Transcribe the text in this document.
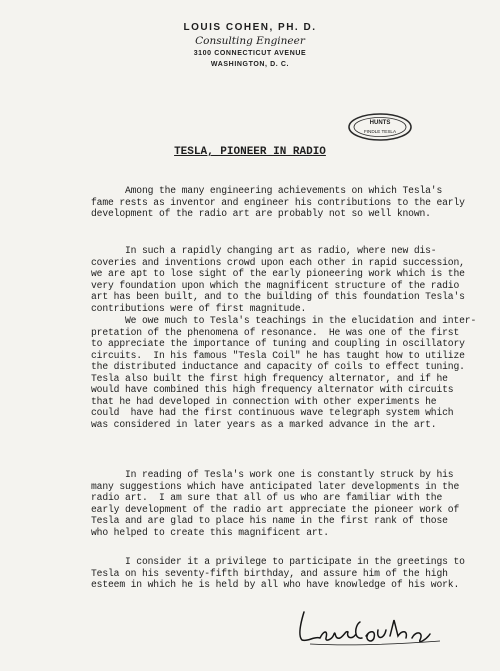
LOUIS COHEN, PH. D.
Consulting Engineer
3100 CONNECTICUT AVENUE
WASHINGTON, D. C.
HUNTS
FINDLE TESLA
TESLA, PIONEER IN RADIO
Among the many engineering achievements on which Tesla's
fame rests as inventor and engineer his contributions to the early
development of the radio art are probably not so well known.
In such a rapidly changing art as radio, where new dis-
coveries and inventions crowd upon each other in rapid succession,
we are apt to lose sight of the early pioneering work which is the
very foundation upon which the magnificent structure of the radio
art has been built, and to the building of this foundation Tesla's
contributions were of first magnitude.
We owe much to Tesla's teachings in the elucidation and inter-
pretation of the phenomena of resonance.  He was one of the first
to appreciate the importance of tuning and coupling in oscillatory
circuits.  In his famous "Tesla Coil" he has taught how to utilize
the distributed inductance and capacity of coils to effect tuning.
Tesla also built the first high frequency alternator, and if he
would have combined this high frequency alternator with circuits
that he had developed in connection with other experiments he
could  have had the first continuous wave telegraph system which
was considered in later years as a marked advance in the art.
In reading of Tesla's work one is constantly struck by his
many suggestions which have anticipated later developments in the
radio art.  I am sure that all of us who are familiar with the
early development of the radio art appreciate the pioneer work of
Tesla and are glad to place his name in the first rank of those
who helped to create this magnificent art.
I consider it a privilege to participate in the greetings to
Tesla on his seventy-fifth birthday, and assure him of the high
esteem in which he is held by all who have knowledge of his work.
